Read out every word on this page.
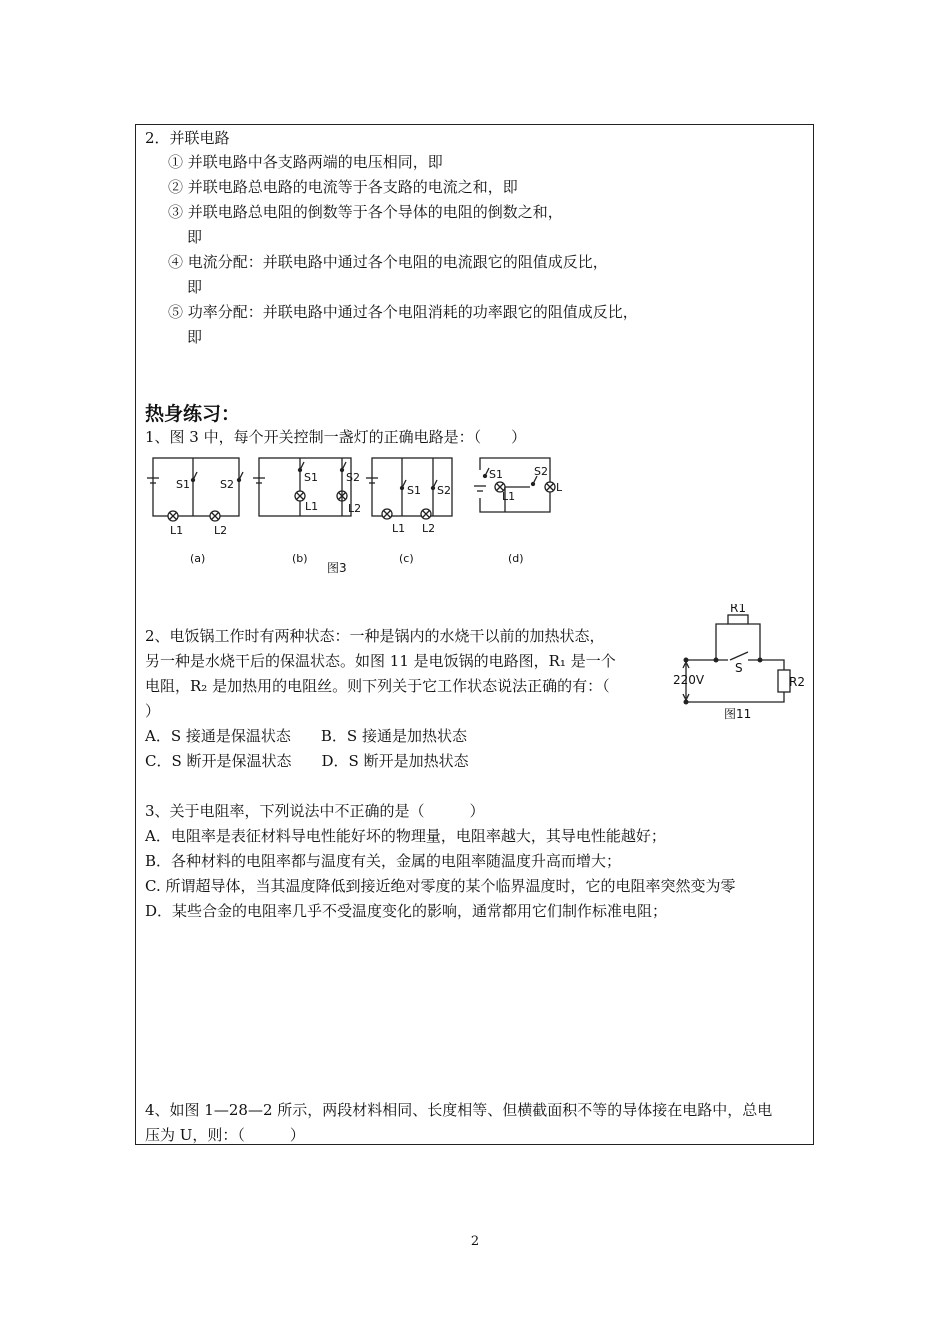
2．并联电路
① 并联电路中各支路两端的电压相同，即
② 并联电路总电路的电流等于各支路的电流之和，即
③ 并联电路总电阻的倒数等于各个导体的电阻的倒数之和，
即
④ 电流分配：并联电路中通过各个电阻的电流跟它的阻值成反比，
即
⑤ 功率分配：并联电路中通过各个电阻消耗的功率跟它的阻值成反比，
即
热身练习：
1、图 3 中，每个开关控制一盏灯的正确电路是：（　　）
S1	S2
L1	L2
S1	S2
L1	L2
S1 S2
L1 L2
S1
L1
S2
L
(a)	(b)	(c)	(d)
图3
2、电饭锅工作时有两种状态：一种是锅内的水烧干以前的加热状态，
另一种是水烧干后的保温状态。如图 11 是电饭锅的电路图，R₁ 是一个
电阻，R₂ 是加热用的电阻丝。则下列关于它工作状态说法正确的有：（
）
A．S 接通是保温状态　　B．S 接通是加热状态
C．S 断开是保温状态　　D．S 断开是加热状态
R1
S
220V	R2
图11
3、关于电阻率，下列说法中不正确的是（　　　）
A．电阻率是表征材料导电性能好坏的物理量，电阻率越大，其导电性能越好；
B．各种材料的电阻率都与温度有关，金属的电阻率随温度升高而增大；
C. 所谓超导体，当其温度降低到接近绝对零度的某个临界温度时，它的电阻率突然变为零
D．某些合金的电阻率几乎不受温度变化的影响，通常都用它们制作标准电阻；
4、如图 1—28—2 所示，两段材料相同、长度相等、但横截面积不等的导体接在电路中，总电
压为 U，则：（　　　）
2
